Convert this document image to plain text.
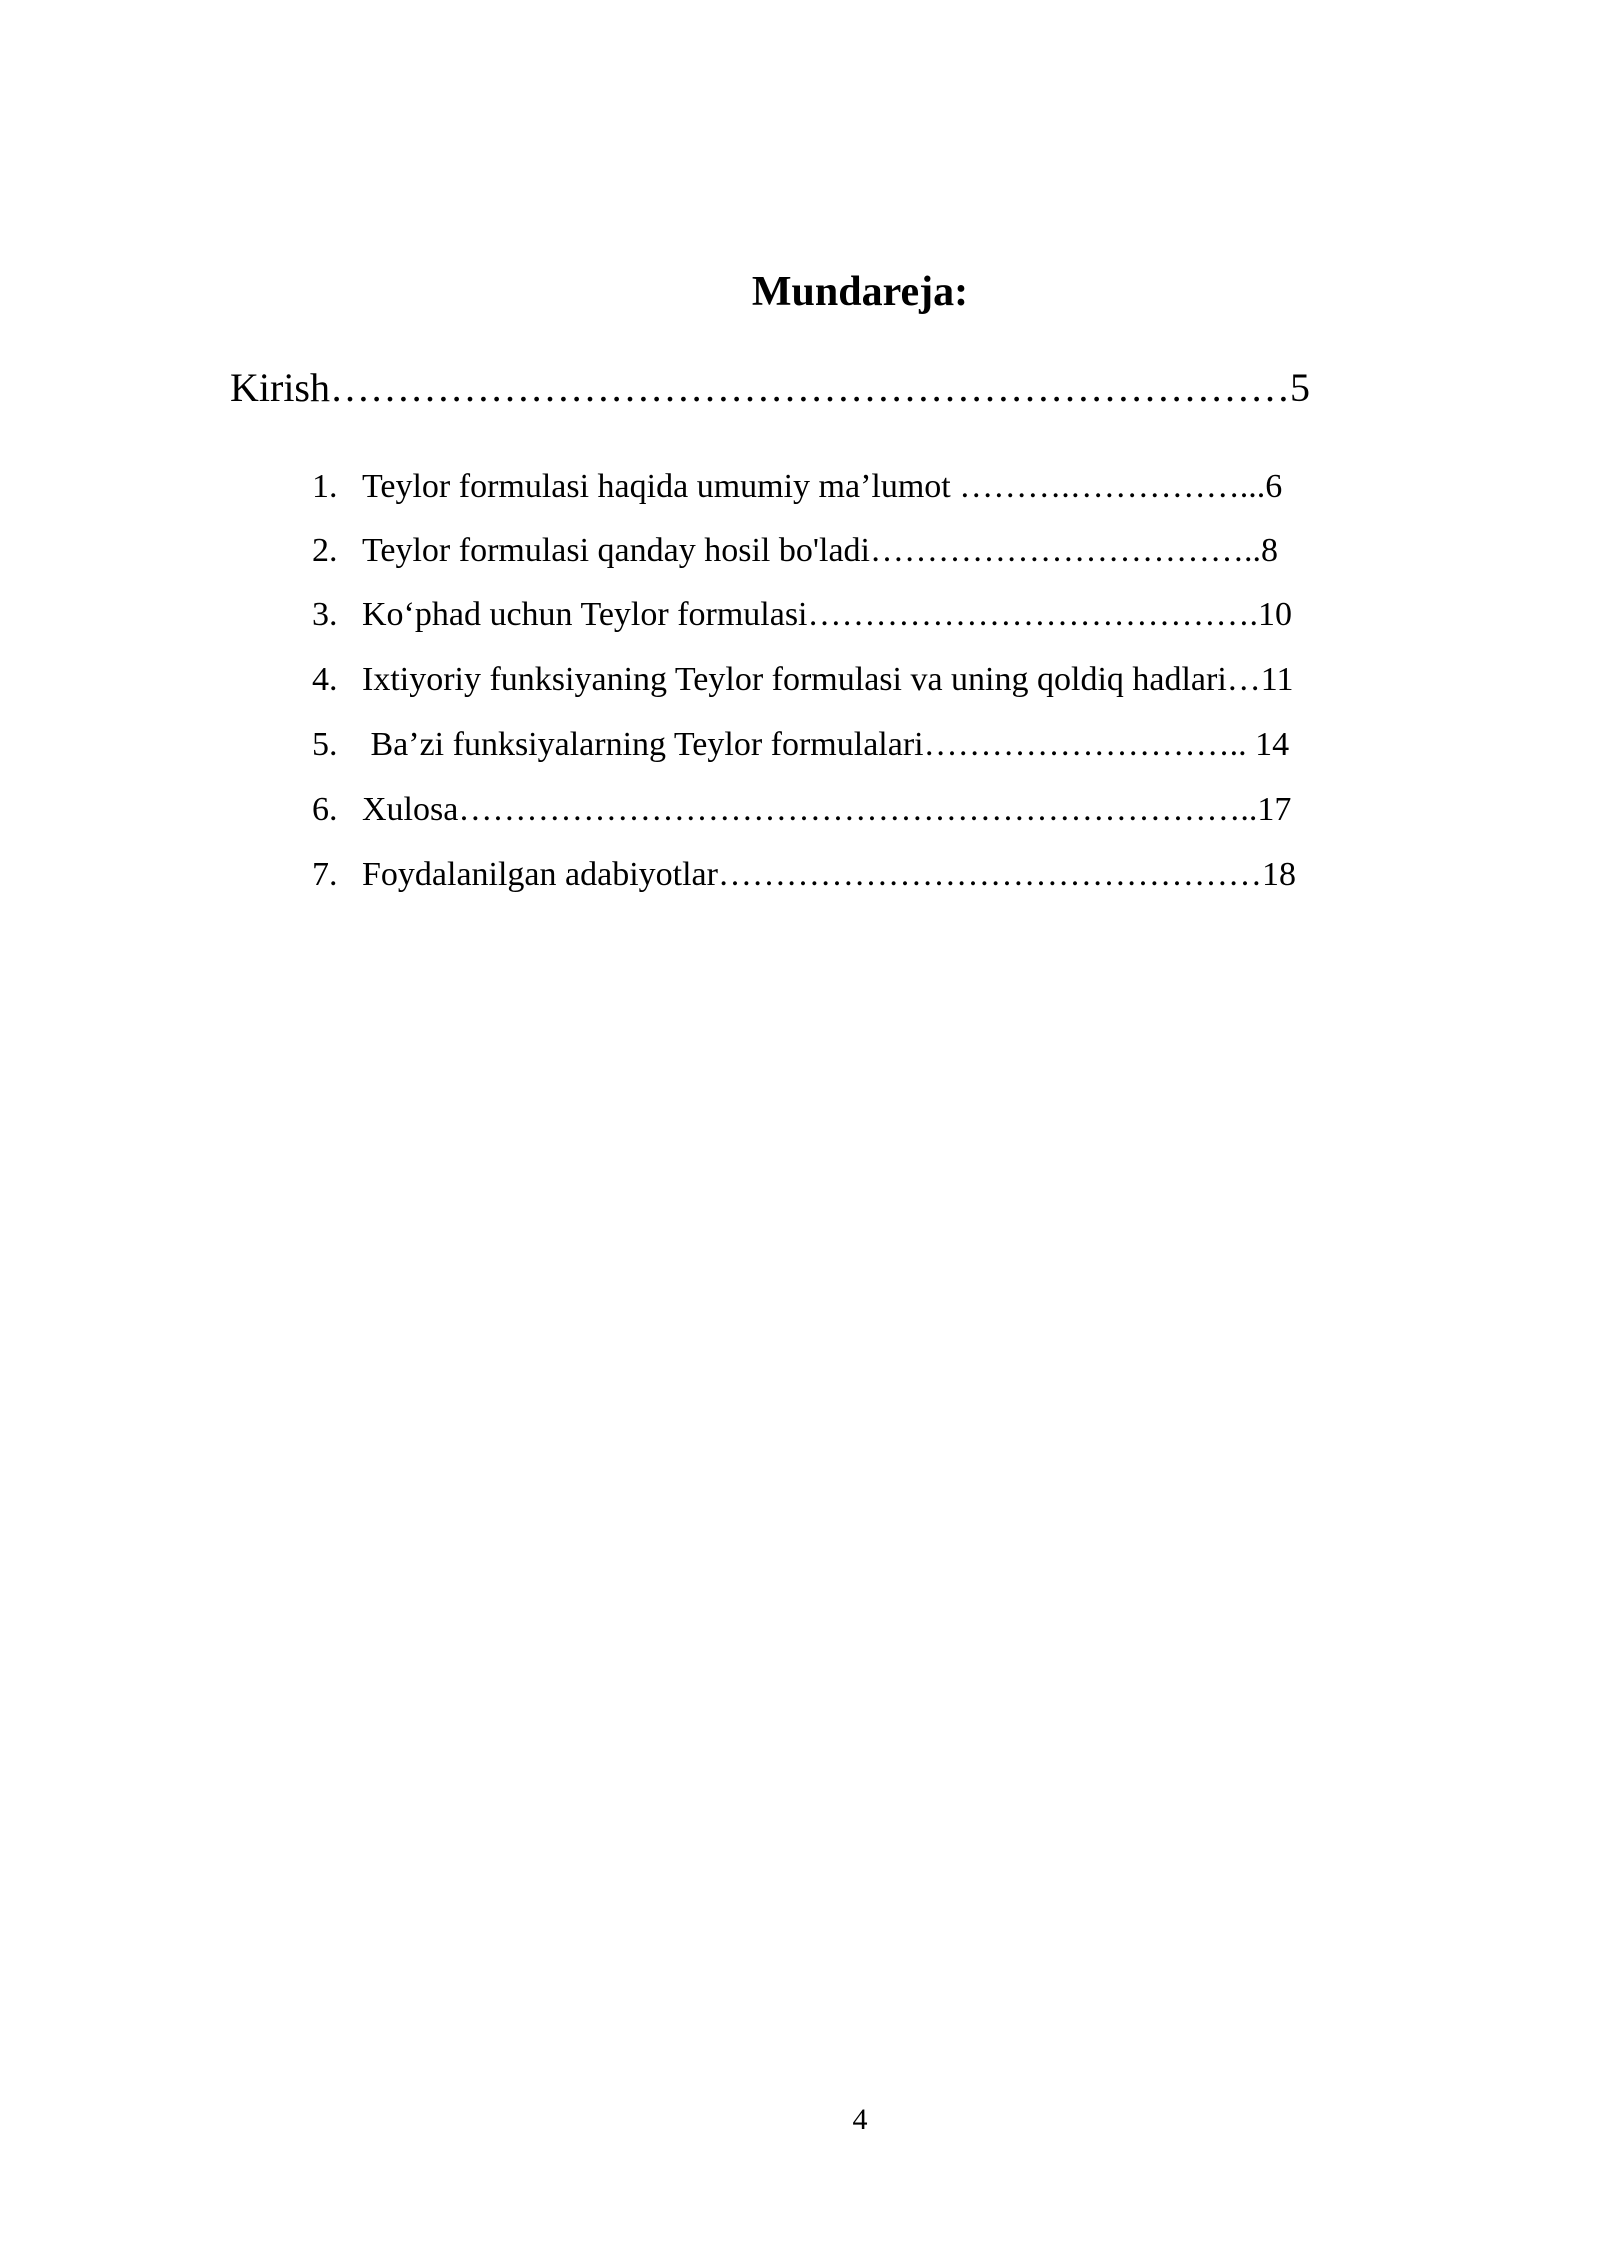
Mundareja:
Kirish………………………………………………………………5

1. Teylor formulasi haqida umumiy ma’lumot ……….……………...6

2. Teylor formulasi qanday hosil bo'ladi……………………………..8

3. Ko‘phad uchun Teylor formulasi………………………………….10

4. Ixtiyoriy funksiyaning Teylor formulasi va uning qoldiq hadlari…11

5. Ba’zi funksiyalarning Teylor formulalari……………………….. 14

6. Xulosa……………………………………………………………..17

7. Foydalanilgan adabiyotlar…………………………………………18

4
